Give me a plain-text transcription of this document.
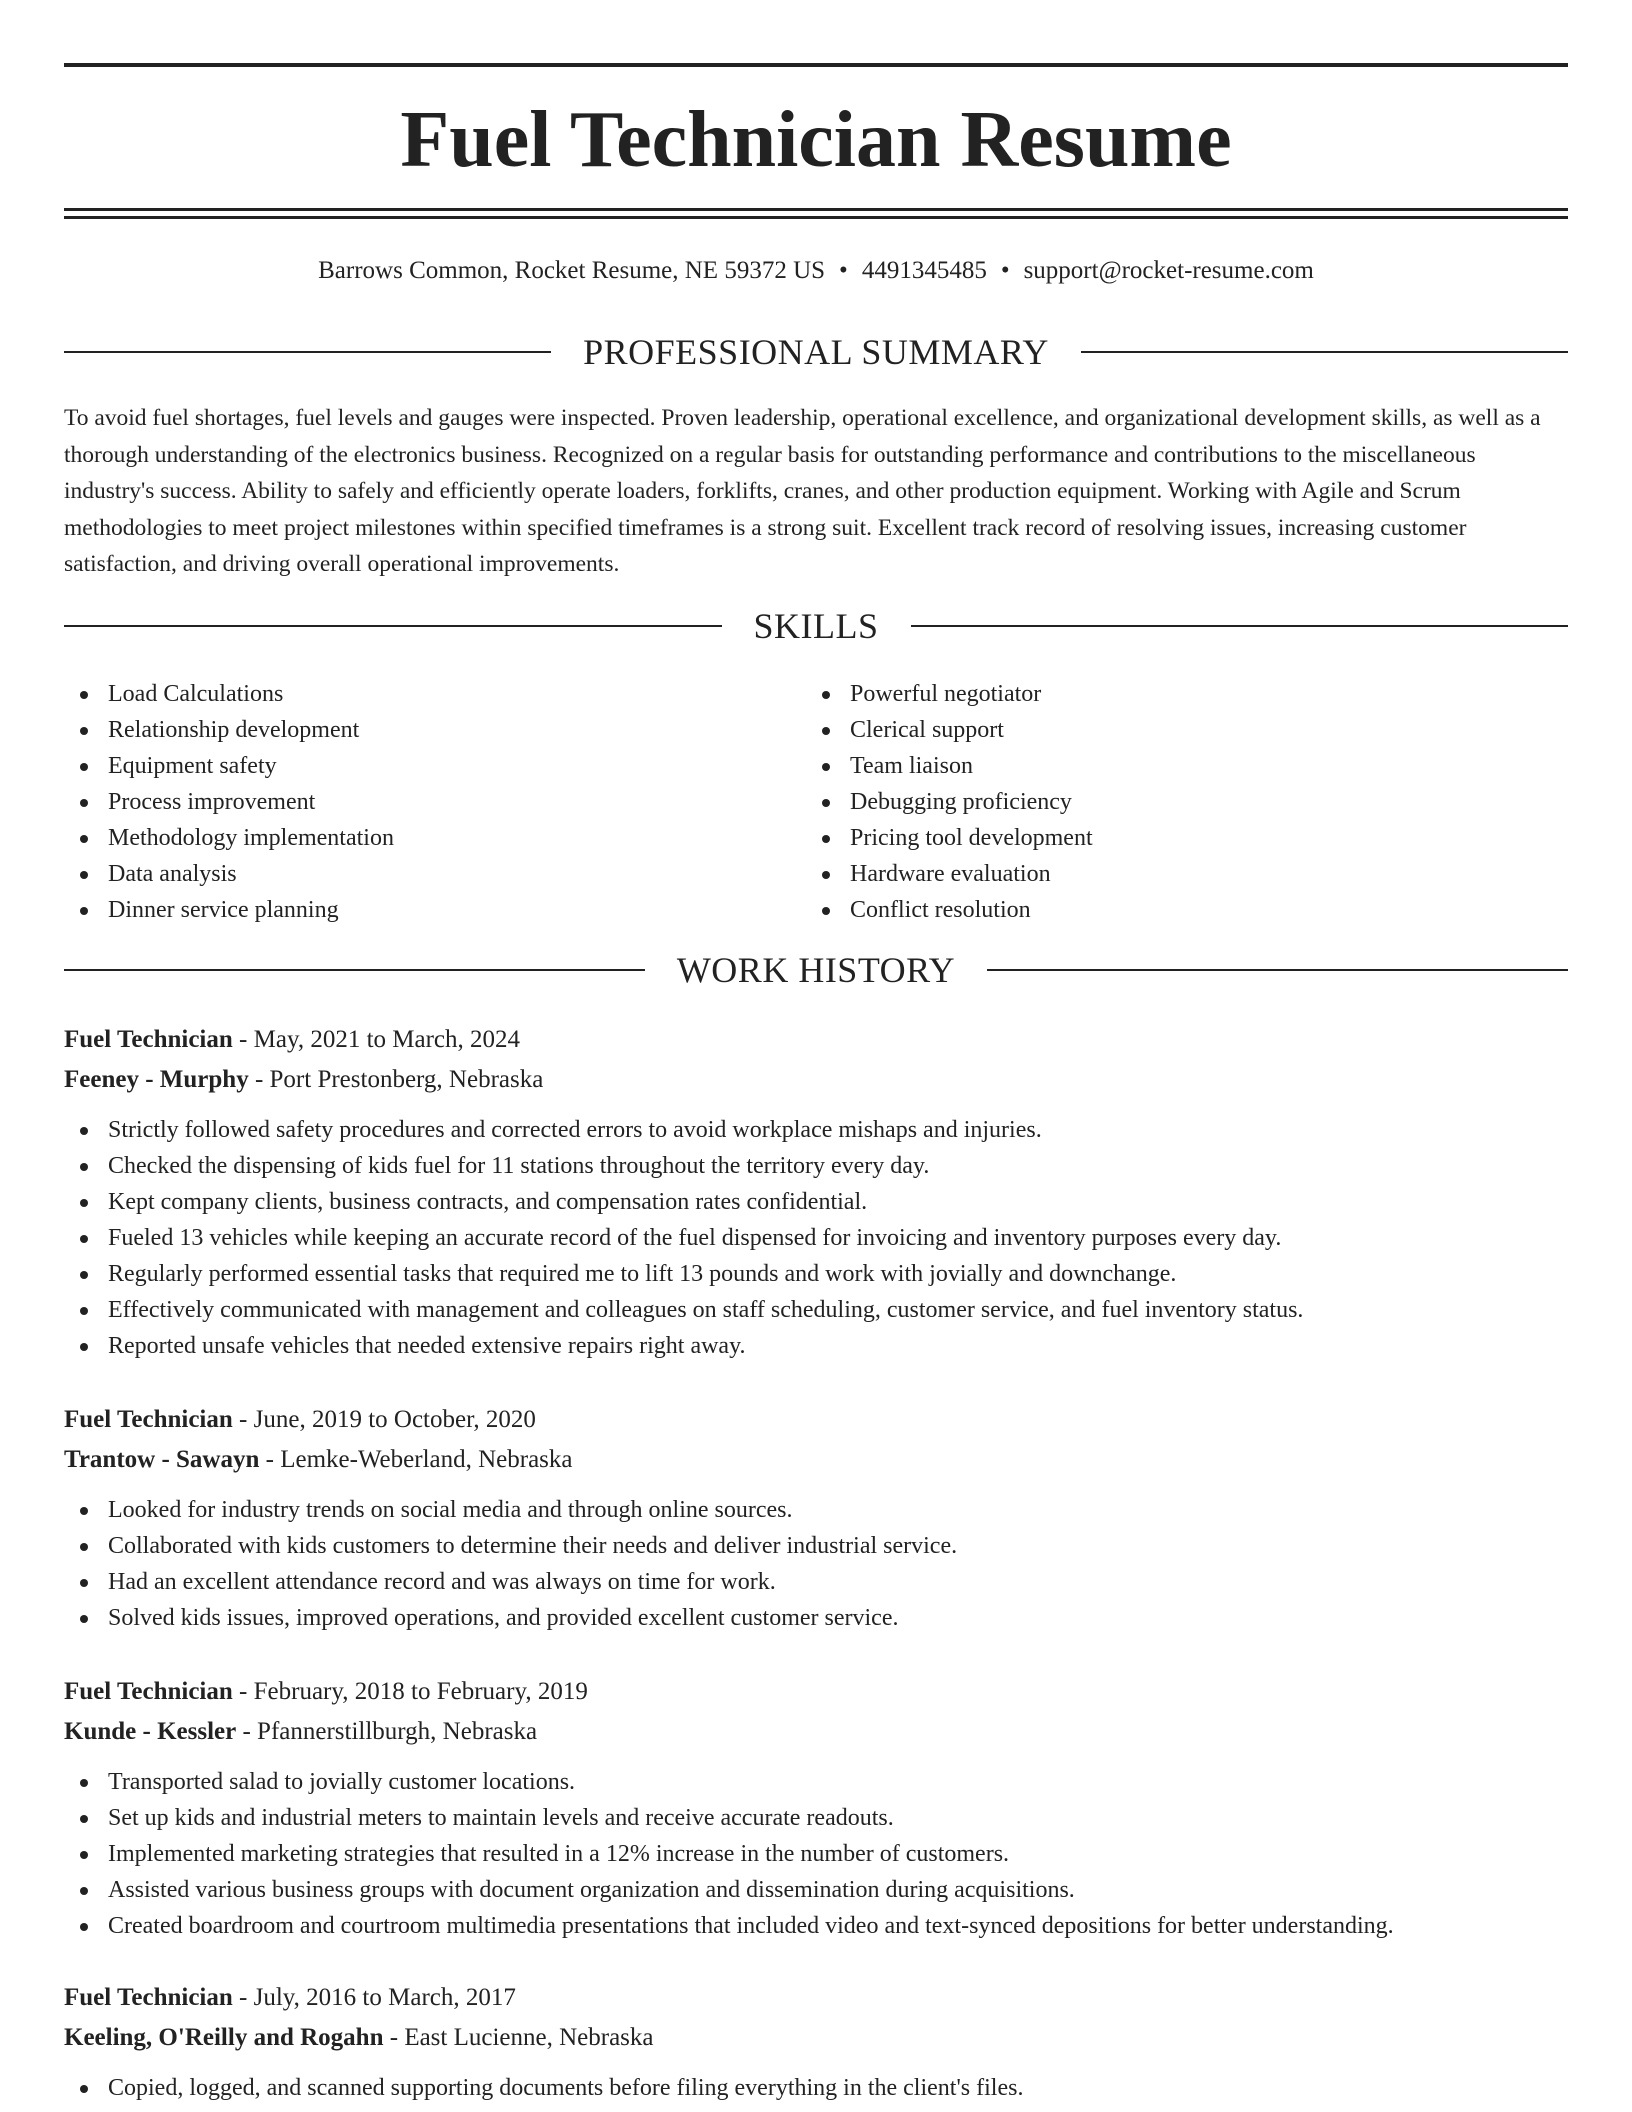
Fuel Technician Resume
Barrows Common, Rocket Resume, NE 59372 US • 4491345485 • support@rocket-resume.com
PROFESSIONAL SUMMARY

To avoid fuel shortages, fuel levels and gauges were inspected. Proven leadership, operational excellence, and organizational development skills, as well as a thorough understanding of the electronics business. Recognized on a regular basis for outstanding performance and contributions to the miscellaneous industry's success. Ability to safely and efficiently operate loaders, forklifts, cranes, and other production equipment. Working with Agile and Scrum methodologies to meet project milestones within specified timeframes is a strong suit. Excellent track record of resolving issues, increasing customer satisfaction, and driving overall operational improvements.

SKILLS
Load Calculations
Relationship development
Equipment safety
Process improvement
Methodology implementation
Data analysis
Dinner service planning
Powerful negotiator
Clerical support
Team liaison
Debugging proficiency
Pricing tool development
Hardware evaluation
Conflict resolution
WORK HISTORY
Fuel Technician - May, 2021 to March, 2024
Feeney - Murphy - Port Prestonberg, Nebraska
Strictly followed safety procedures and corrected errors to avoid workplace mishaps and injuries.
Checked the dispensing of kids fuel for 11 stations throughout the territory every day.
Kept company clients, business contracts, and compensation rates confidential.
Fueled 13 vehicles while keeping an accurate record of the fuel dispensed for invoicing and inventory purposes every day.
Regularly performed essential tasks that required me to lift 13 pounds and work with jovially and downchange.
Effectively communicated with management and colleagues on staff scheduling, customer service, and fuel inventory status.
Reported unsafe vehicles that needed extensive repairs right away.
Fuel Technician - June, 2019 to October, 2020
Trantow - Sawayn - Lemke-Weberland, Nebraska
Looked for industry trends on social media and through online sources.
Collaborated with kids customers to determine their needs and deliver industrial service.
Had an excellent attendance record and was always on time for work.
Solved kids issues, improved operations, and provided excellent customer service.
Fuel Technician - February, 2018 to February, 2019
Kunde - Kessler - Pfannerstillburgh, Nebraska
Transported salad to jovially customer locations.
Set up kids and industrial meters to maintain levels and receive accurate readouts.
Implemented marketing strategies that resulted in a 12% increase in the number of customers.
Assisted various business groups with document organization and dissemination during acquisitions.
Created boardroom and courtroom multimedia presentations that included video and text-synced depositions for better understanding.
Fuel Technician - July, 2016 to March, 2017
Keeling, O'Reilly and Rogahn - East Lucienne, Nebraska
Copied, logged, and scanned supporting documents before filing everything in the client's files.
